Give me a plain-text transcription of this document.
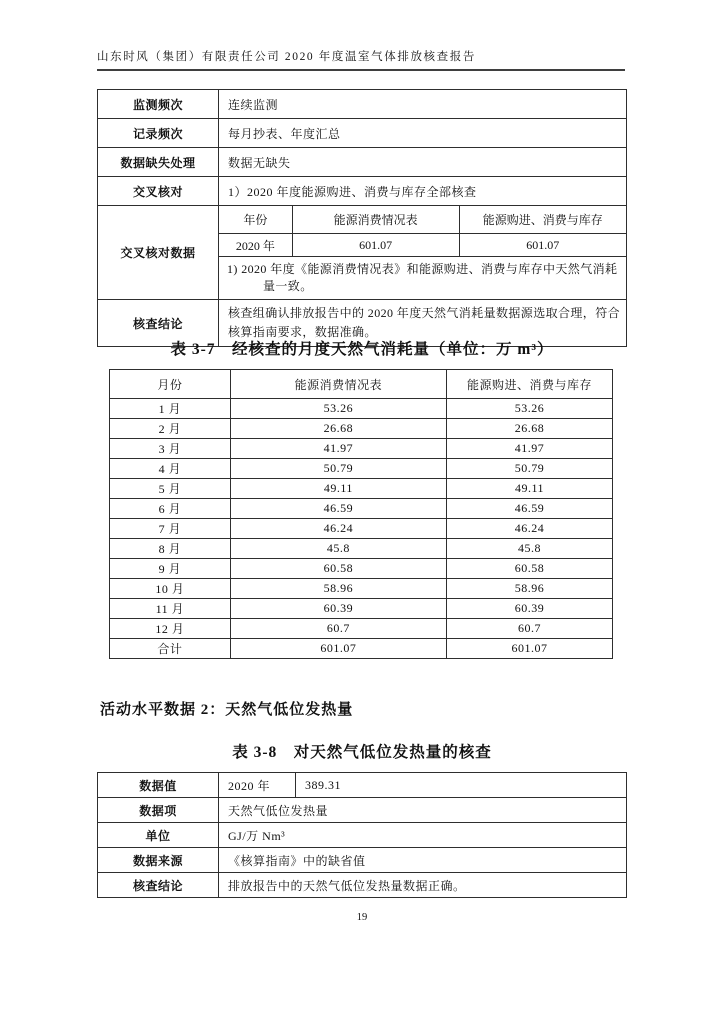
山东时风（集团）有限责任公司 2020 年度温室气体排放核查报告
监测频次	连续监测
记录频次	每月抄表、年度汇总
数据缺失处理	数据无缺失
交叉核对	1）2020 年度能源购进、消费与库存全部核查
交叉核对数据	
年份	能源消费情况表	能源购进、消费与库存
2020 年	601.07	601.07
1) 2020 年度《能源消费情况表》和能源购进、消费与库存中天然气消耗量一致。

核查结论	核查组确认排放报告中的 2020 年度天然气消耗量数据源选取合理，符合核算指南要求，数据准确。
表 3-7　经核查的月度天然气消耗量（单位：万 m³）
月份	能源消费情况表	能源购进、消费与库存
1 月	53.26	53.26
2 月	26.68	26.68
3 月	41.97	41.97
4 月	50.79	50.79
5 月	49.11	49.11
6 月	46.59	46.59
7 月	46.24	46.24
8 月	45.8	45.8
9 月	60.58	60.58
10 月	58.96	58.96
11 月	60.39	60.39
12 月	60.7	60.7
合计	601.07	601.07
活动水平数据 2：天然气低位发热量
表 3-8　对天然气低位发热量的核查
数据值	2020 年	389.31
数据项	天然气低位发热量	
单位	GJ/万 Nm³	
数据来源	《核算指南》中的缺省值	
核查结论	排放报告中的天然气低位发热量数据正确。	
19
